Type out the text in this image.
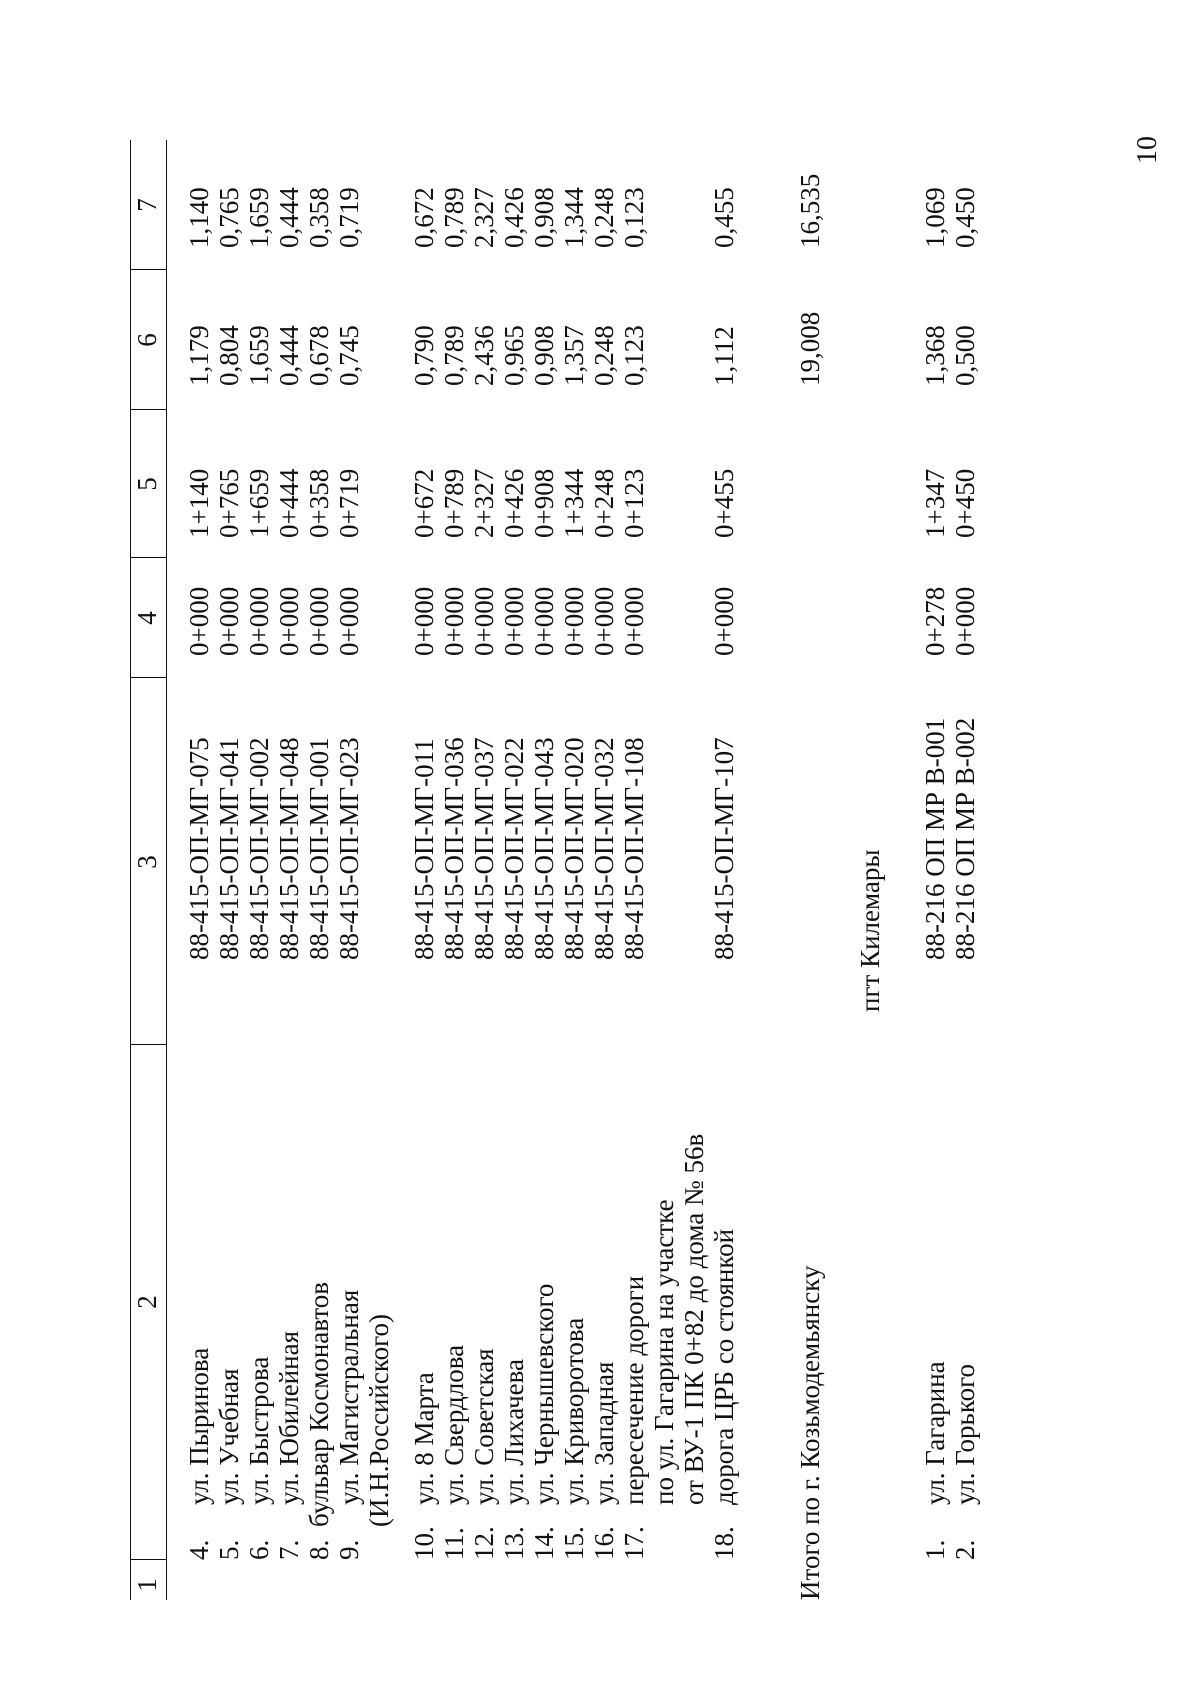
10
1
2
3
4
5
6
7
4. 5. 6. 7. 8. 9. 10. 11. 12. 13. 14. 15. 16. 17. 18.
ул. Пыринова ул. Учебная ул. Быстрова ул. Юбилейная бульвар Космонавтов ул. Магистральная (И.Н.Российского) ул. 8 Марта ул. Свердлова ул. Советская ул. Лихачева ул. Чернышевского ул. Криворотова ул. Западная пересечение дороги по ул. Гагарина на участке от ВУ-1 ПК 0+82 до дома № 56в дорога ЦРБ со стоянкой
88-415-ОП-МГ-075 88-415-ОП-МГ-041 88-415-ОП-МГ-002 88-415-ОП-МГ-048 88-415-ОП-МГ-001 88-415-ОП-МГ-023 88-415-ОП-МГ-011 88-415-ОП-МГ-036 88-415-ОП-МГ-037 88-415-ОП-МГ-022 88-415-ОП-МГ-043 88-415-ОП-МГ-020 88-415-ОП-МГ-032 88-415-ОП-МГ-108 88-415-ОП-МГ-107
0+000 0+000 0+000 0+000 0+000 0+000 0+000 0+000 0+000 0+000 0+000 0+000 0+000 0+000 0+000
1+140 0+765 1+659 0+444 0+358 0+719 0+672 0+789 2+327 0+426 0+908 1+344 0+248 0+123 0+455
1,179 0,804 1,659 0,444 0,678 0,745 0,790 0,789 2,436 0,965 0,908 1,357 0,248 0,123 1,112
1,140 0,765 1,659 0,444 0,358 0,719 0,672 0,789 2,327 0,426 0,908 1,344 0,248 0,123 0,455
Итого по г. Козьмодемьянску
19,008
16,535
пгт Килемары
1. 2.
ул. Гагарина ул. Горького
88-216 ОП МР В-001 88-216 ОП МР В-002
0+278 0+000
1+347 0+450
1,368 0,500
1,069 0,450
